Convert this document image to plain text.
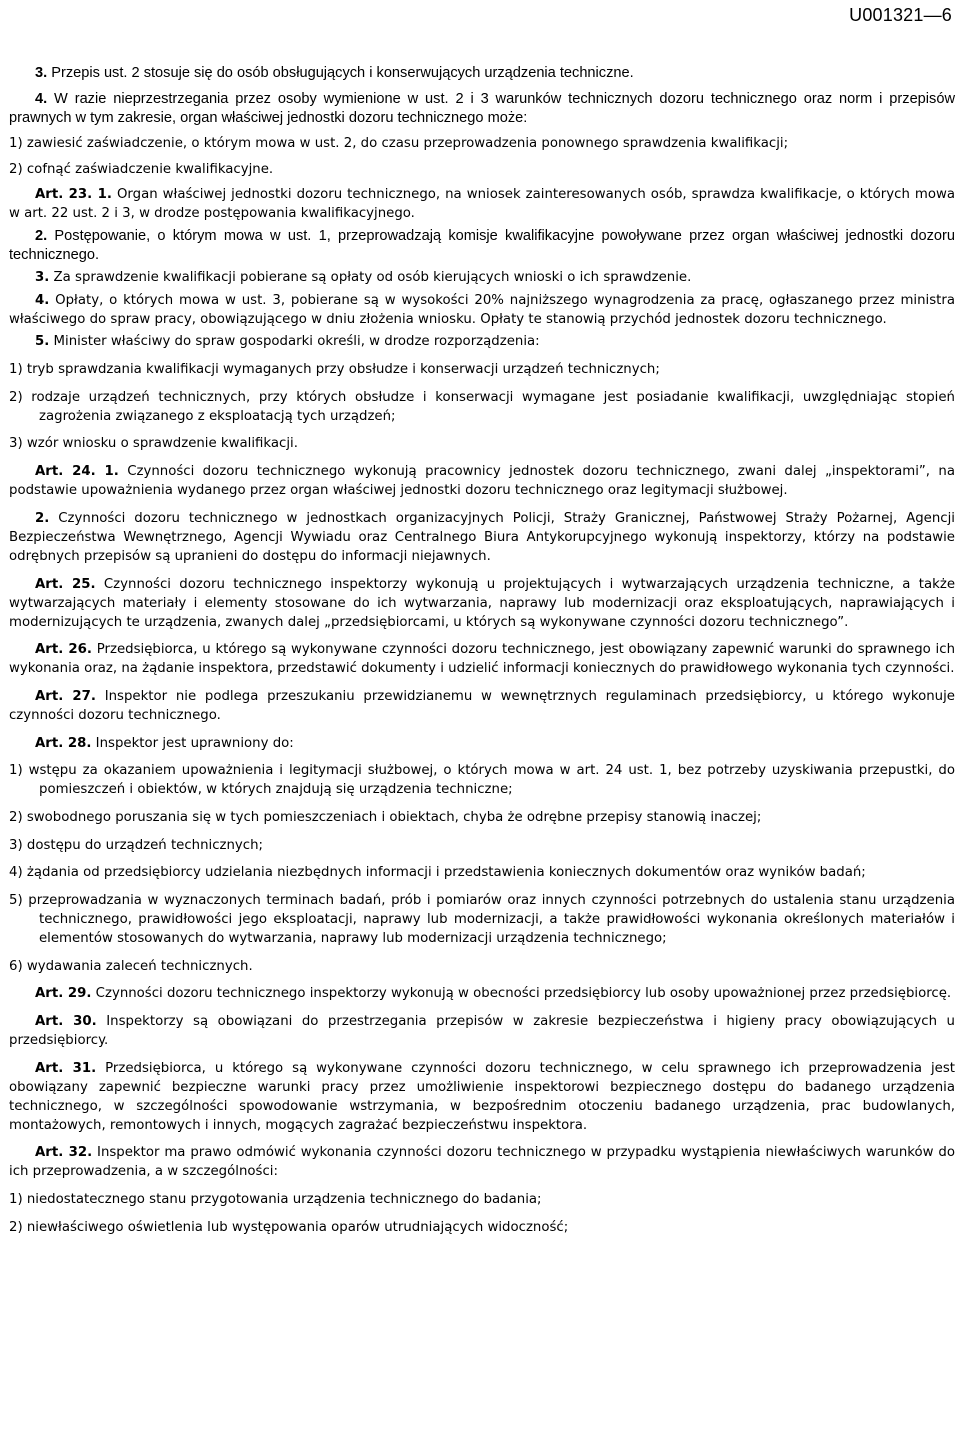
U001321—6

3. Przepis ust. 2 stosuje się do osób obsługujących i konserwujących urządzenia techniczne.

4. W razie nieprzestrzegania przez osoby wymienione w ust. 2 i 3 warunków technicznych dozoru technicznego oraz norm i przepisów prawnych w tym zakresie, organ właściwej jednostki dozoru technicznego może:

1) zawiesić zaświadczenie, o którym mowa w ust. 2, do czasu przeprowadzenia ponownego sprawdzenia kwalifikacji;

2) cofnąć zaświadczenie kwalifikacyjne.

Art. 23. 1. Organ właściwej jednostki dozoru technicznego, na wniosek zainteresowanych osób, sprawdza kwalifikacje, o których mowa w art. 22 ust. 2 i 3, w drodze postępowania kwalifikacyjnego.

2. Postępowanie, o którym mowa w ust. 1, przeprowadzają komisje kwalifikacyjne powoływane przez organ właściwej jednostki dozoru technicznego.

3. Za sprawdzenie kwalifikacji pobierane są opłaty od osób kierujących wnioski o ich sprawdzenie.

4. Opłaty, o których mowa w ust. 3, pobierane są w wysokości 20% najniższego wynagrodzenia za pracę, ogłaszanego przez ministra właściwego do spraw pracy, obowiązującego w dniu złożenia wniosku. Opłaty te stanowią przychód jednostek dozoru technicznego.

5. Minister właściwy do spraw gospodarki określi, w drodze rozporządzenia:

1) tryb sprawdzania kwalifikacji wymaganych przy obsłudze i konserwacji urządzeń technicznych;

2) rodzaje urządzeń technicznych, przy których obsłudze i konserwacji wymagane jest posiadanie kwalifikacji, uwzględniając stopień zagrożenia związanego z eksploatacją tych urządzeń;

3) wzór wniosku o sprawdzenie kwalifikacji.

Art. 24. 1. Czynności dozoru technicznego wykonują pracownicy jednostek dozoru technicznego, zwani dalej „inspektorami”, na podstawie upoważnienia wydanego przez organ właściwej jednostki dozoru technicznego oraz legitymacji służbowej.

2. Czynności dozoru technicznego w jednostkach organizacyjnych Policji, Straży Granicznej, Państwowej Straży Pożarnej, Agencji Bezpieczeństwa Wewnętrznego, Agencji Wywiadu oraz Centralnego Biura Antykorupcyjnego wykonują inspektorzy, którzy na podstawie odrębnych przepisów są upranieni do dostępu do informacji niejawnych.

Art. 25. Czynności dozoru technicznego inspektorzy wykonują u projektujących i wytwarzających urządzenia techniczne, a także wytwarzających materiały i elementy stosowane do ich wytwarzania, naprawy lub modernizacji oraz eksploatujących, naprawiających i modernizujących te urządzenia, zwanych dalej „przedsiębiorcami, u których są wykonywane czynności dozoru technicznego”.

Art. 26. Przedsiębiorca, u którego są wykonywane czynności dozoru technicznego, jest obowiązany zapewnić warunki do sprawnego ich wykonania oraz, na żądanie inspektora, przedstawić dokumenty i udzielić informacji koniecznych do prawidłowego wykonania tych czynności.

Art. 27. Inspektor nie podlega przeszukaniu przewidzianemu w wewnętrznych regulaminach przedsiębiorcy, u którego wykonuje czynności dozoru technicznego.

Art. 28. Inspektor jest uprawniony do:

1) wstępu za okazaniem upoważnienia i legitymacji służbowej, o których mowa w art. 24 ust. 1, bez potrzeby uzyskiwania przepustki, do pomieszczeń i obiektów, w których znajdują się urządzenia techniczne;

2) swobodnego poruszania się w tych pomieszczeniach i obiektach, chyba że odrębne przepisy stanowią inaczej;

3) dostępu do urządzeń technicznych;

4) żądania od przedsiębiorcy udzielania niezbędnych informacji i przedstawienia koniecznych dokumentów oraz wyników badań;

5) przeprowadzania w wyznaczonych terminach badań, prób i pomiarów oraz innych czynności potrzebnych do ustalenia stanu urządzenia technicznego, prawidłowości jego eksploatacji, naprawy lub modernizacji, a także prawidłowości wykonania określonych materiałów i elementów stosowanych do wytwarzania, naprawy lub modernizacji urządzenia technicznego;

6) wydawania zaleceń technicznych.

Art. 29. Czynności dozoru technicznego inspektorzy wykonują w obecności przedsiębiorcy lub osoby upoważnionej przez przedsiębiorcę.

Art. 30. Inspektorzy są obowiązani do przestrzegania przepisów w zakresie bezpieczeństwa i higieny pracy obowiązujących u przedsiębiorcy.

Art. 31. Przedsiębiorca, u którego są wykonywane czynności dozoru technicznego, w celu sprawnego ich przeprowadzenia jest obowiązany zapewnić bezpieczne warunki pracy przez umożliwienie inspektorowi bezpiecznego dostępu do badanego urządzenia technicznego, w szczególności spowodowanie wstrzymania, w bezpośrednim otoczeniu badanego urządzenia, prac budowlanych, montażowych, remontowych i innych, mogących zagrażać bezpieczeństwu inspektora.

Art. 32. Inspektor ma prawo odmówić wykonania czynności dozoru technicznego w przypadku wystąpienia niewłaściwych warunków do ich przeprowadzenia, a w szczególności:

1) niedostatecznego stanu przygotowania urządzenia technicznego do badania;

2) niewłaściwego oświetlenia lub występowania oparów utrudniających widoczność;
